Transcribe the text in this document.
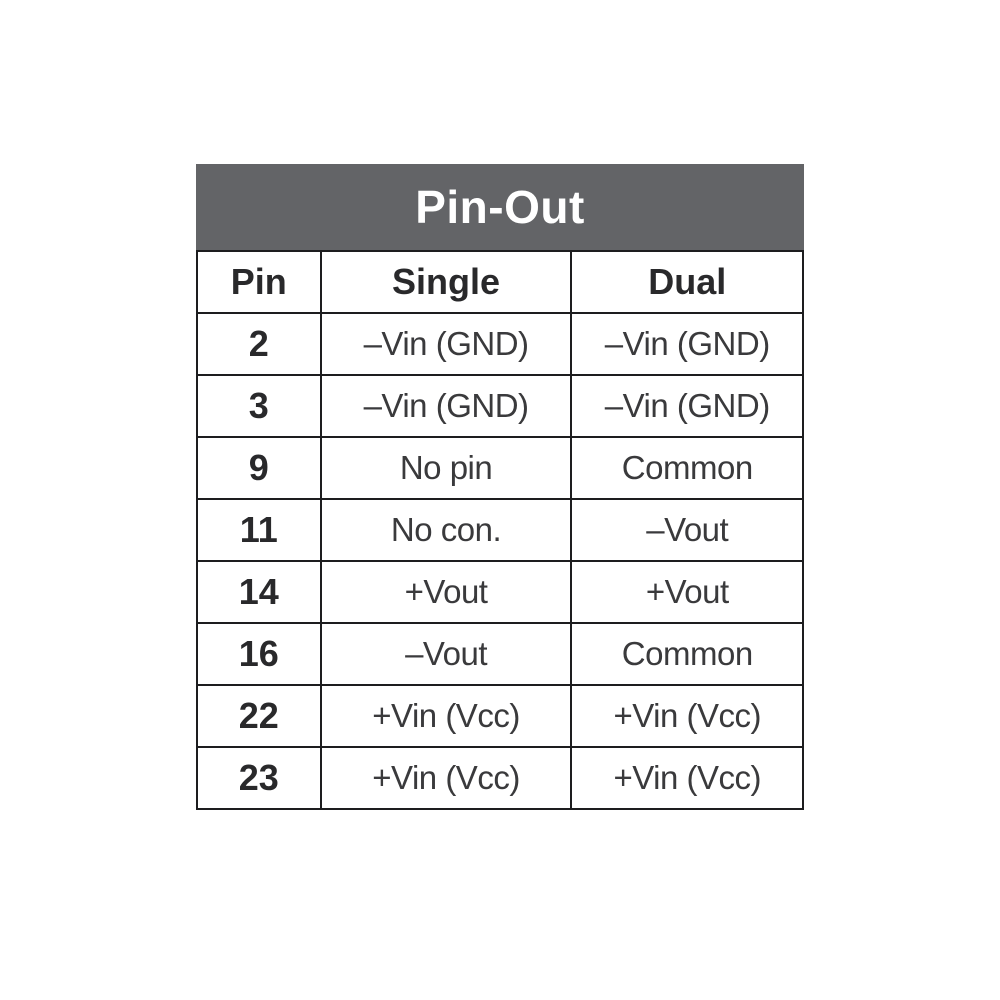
Pin-Out
Pin	Single	Dual
2	–Vin (GND)	–Vin (GND)
3	–Vin (GND)	–Vin (GND)
9	No pin	Common
11	No con.	–Vout
14	+Vout	+Vout
16	–Vout	Common
22	+Vin (Vcc)	+Vin (Vcc)
23	+Vin (Vcc)	+Vin (Vcc)
